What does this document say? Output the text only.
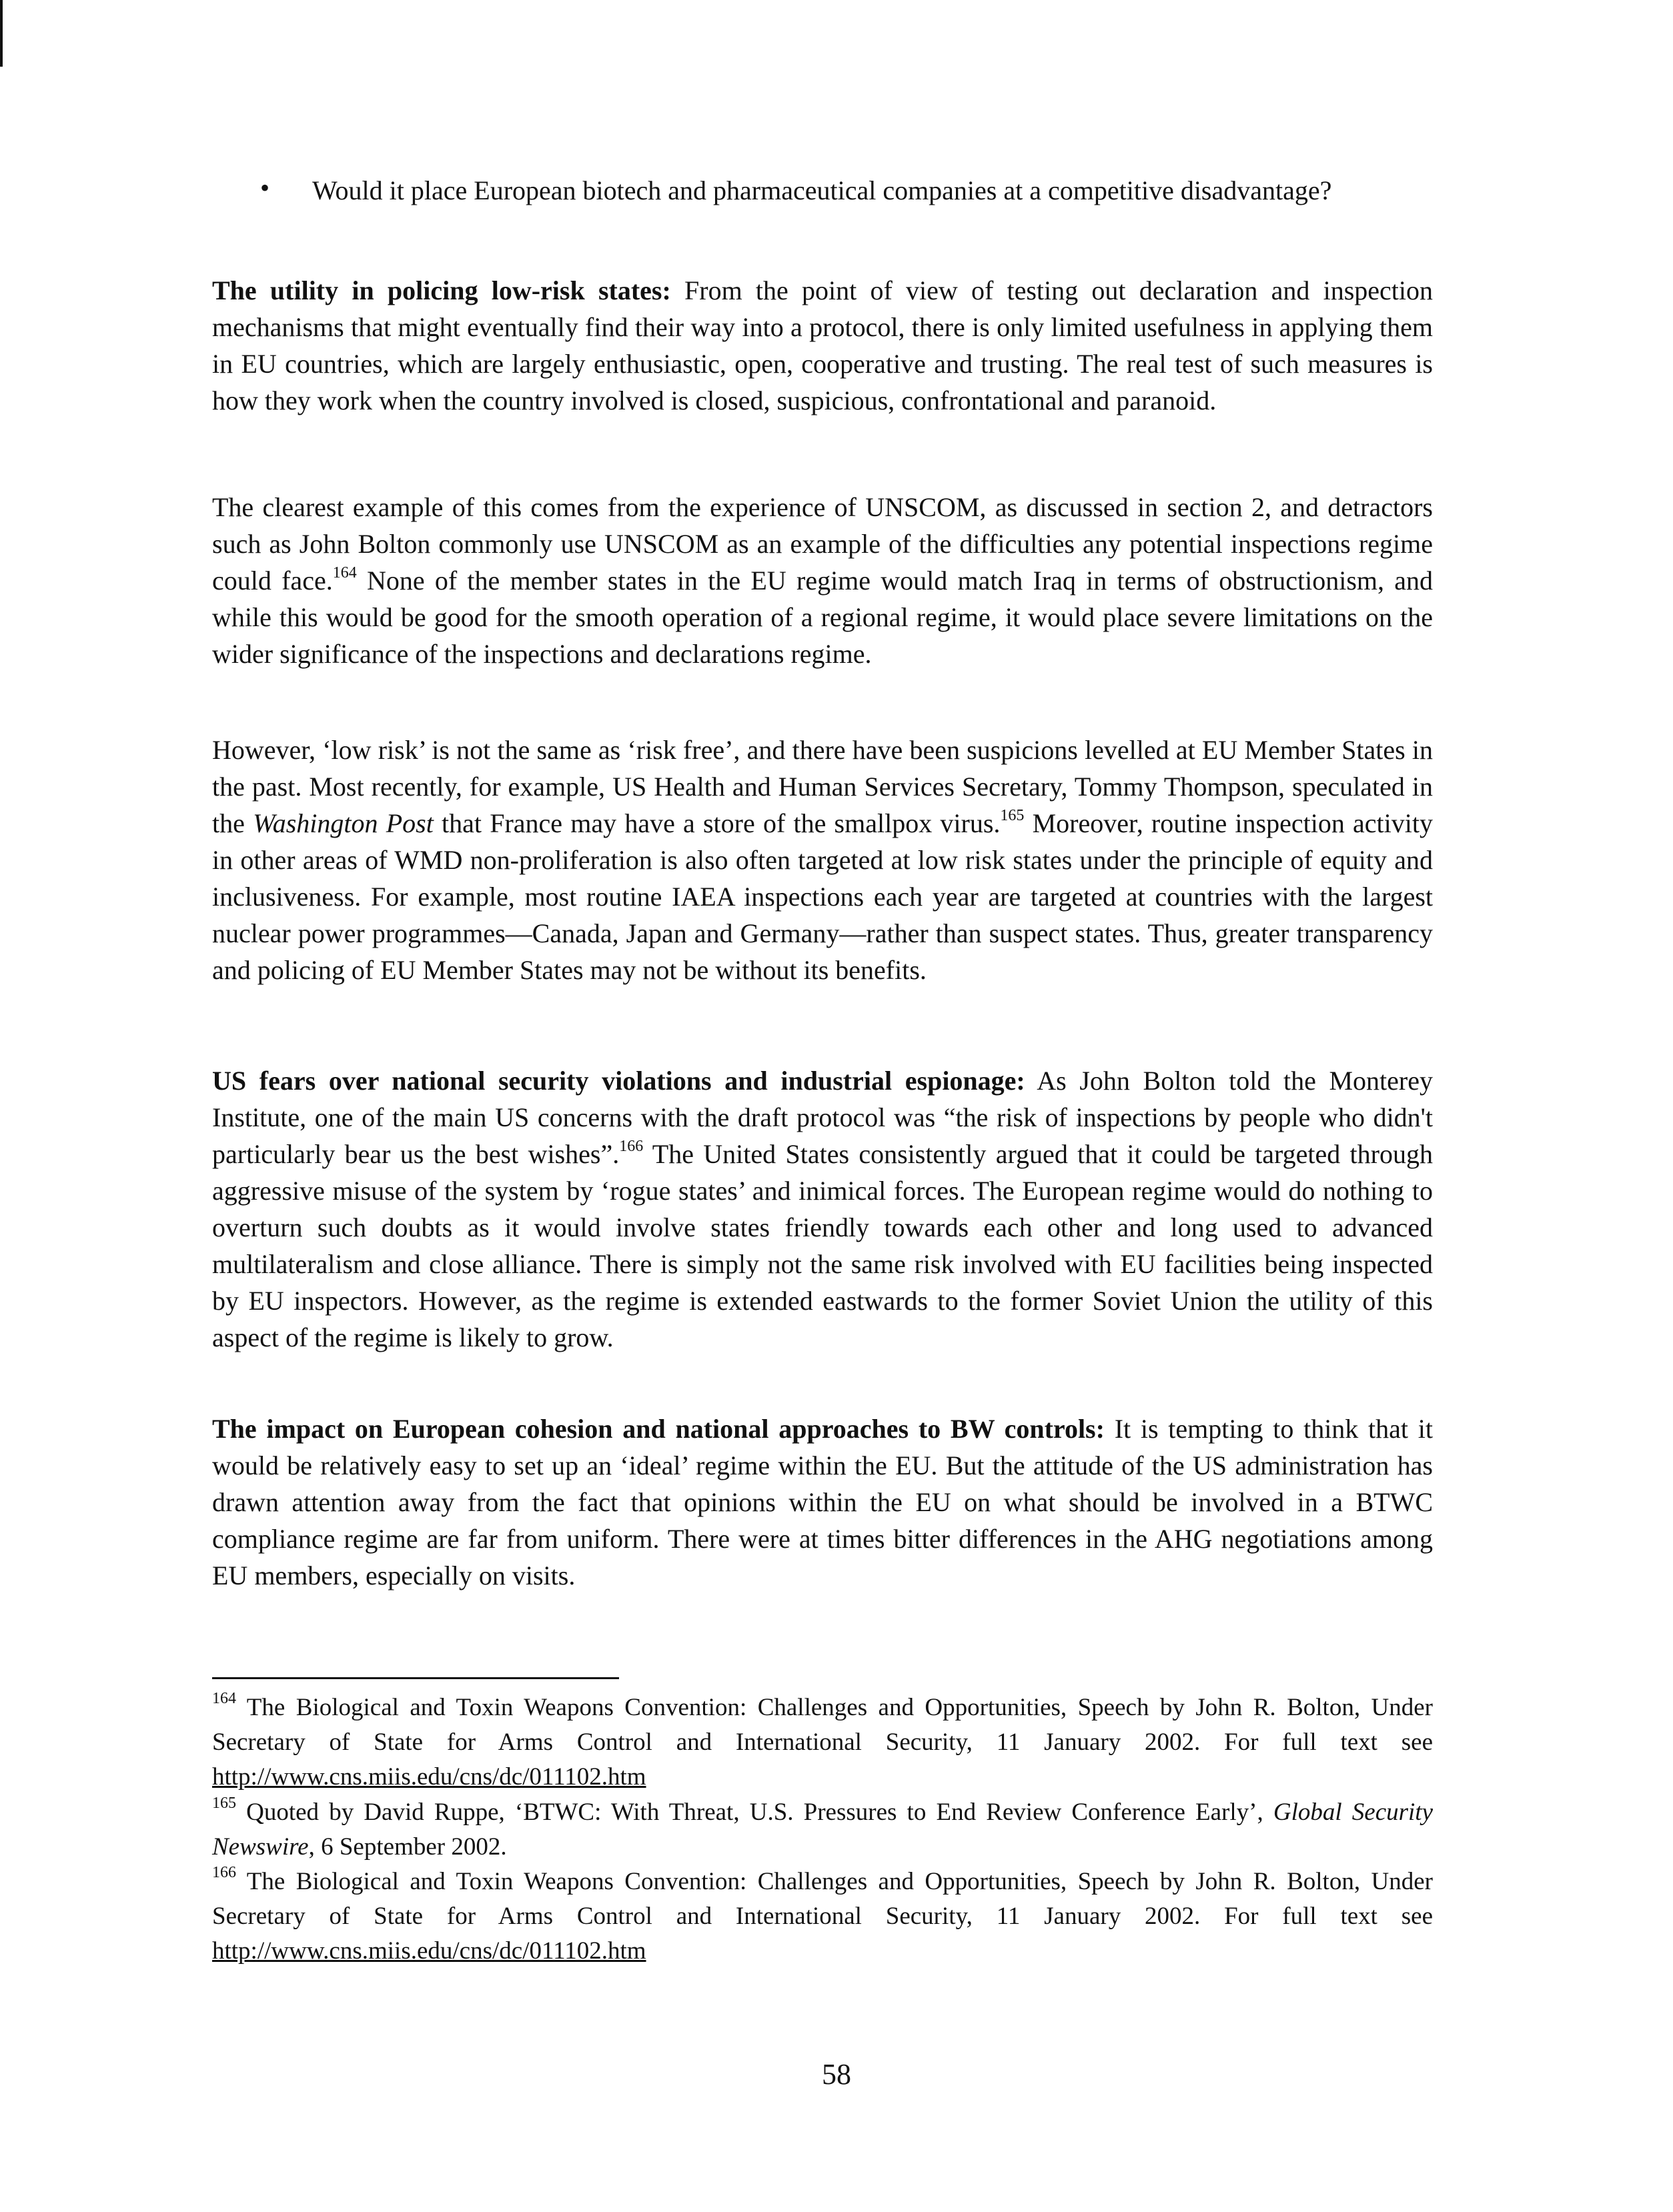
• Would it place European biotech and pharmaceutical companies at a competitive disadvantage?

The utility in policing low-risk states: From the point of view of testing out declaration and inspection mechanisms that might eventually find their way into a protocol, there is only limited usefulness in applying them in EU countries, which are largely enthusiastic, open, cooperative and trusting. The real test of such measures is how they work when the country involved is closed, suspicious, confrontational and paranoid.

The clearest example of this comes from the experience of UNSCOM, as discussed in section 2, and detractors such as John Bolton commonly use UNSCOM as an example of the difficulties any potential inspections regime could face.$^{164}$ None of the member states in the EU regime would match Iraq in terms of obstructionism, and while this would be good for the smooth operation of a regional regime, it would place severe limitations on the wider significance of the inspections and declarations regime.

However, ‘low risk’ is not the same as ‘risk free’, and there have been suspicions levelled at EU Member States in the past. Most recently, for example, US Health and Human Services Secretary, Tommy Thompson, speculated in the Washington Post that France may have a store of the smallpox virus.$^{165}$ Moreover, routine inspection activity in other areas of WMD non-proliferation is also often targeted at low risk states under the principle of equity and inclusiveness. For example, most routine IAEA inspections each year are targeted at countries with the largest nuclear power programmes—Canada, Japan and Germany—rather than suspect states. Thus, greater transparency and policing of EU Member States may not be without its benefits.

US fears over national security violations and industrial espionage: As John Bolton told the Monterey Institute, one of the main US concerns with the draft protocol was “the risk of inspections by people who didn't particularly bear us the best wishes”.$^{166}$ The United States consistently argued that it could be targeted through aggressive misuse of the system by ‘rogue states’ and inimical forces. The European regime would do nothing to overturn such doubts as it would involve states friendly towards each other and long used to advanced multilateralism and close alliance. There is simply not the same risk involved with EU facilities being inspected by EU inspectors. However, as the regime is extended eastwards to the former Soviet Union the utility of this aspect of the regime is likely to grow.

The impact on European cohesion and national approaches to BW controls: It is tempting to think that it would be relatively easy to set up an ‘ideal’ regime within the EU. But the attitude of the US administration has drawn attention away from the fact that opinions within the EU on what should be involved in a BTWC compliance regime are far from uniform. There were at times bitter differences in the AHG negotiations among EU members, especially on visits.

$^{164}$ The Biological and Toxin Weapons Convention: Challenges and Opportunities, Speech by John R. Bolton, Under Secretary of State for Arms Control and International Security, 11 January 2002. For full text see http://www.cns.miis.edu/cns/dc/011102.htm

$^{165}$ Quoted by David Ruppe, ‘BTWC: With Threat, U.S. Pressures to End Review Conference Early’, Global Security Newswire, 6 September 2002.

$^{166}$ The Biological and Toxin Weapons Convention: Challenges and Opportunities, Speech by John R. Bolton, Under Secretary of State for Arms Control and International Security, 11 January 2002. For full text see http://www.cns.miis.edu/cns/dc/011102.htm

58
